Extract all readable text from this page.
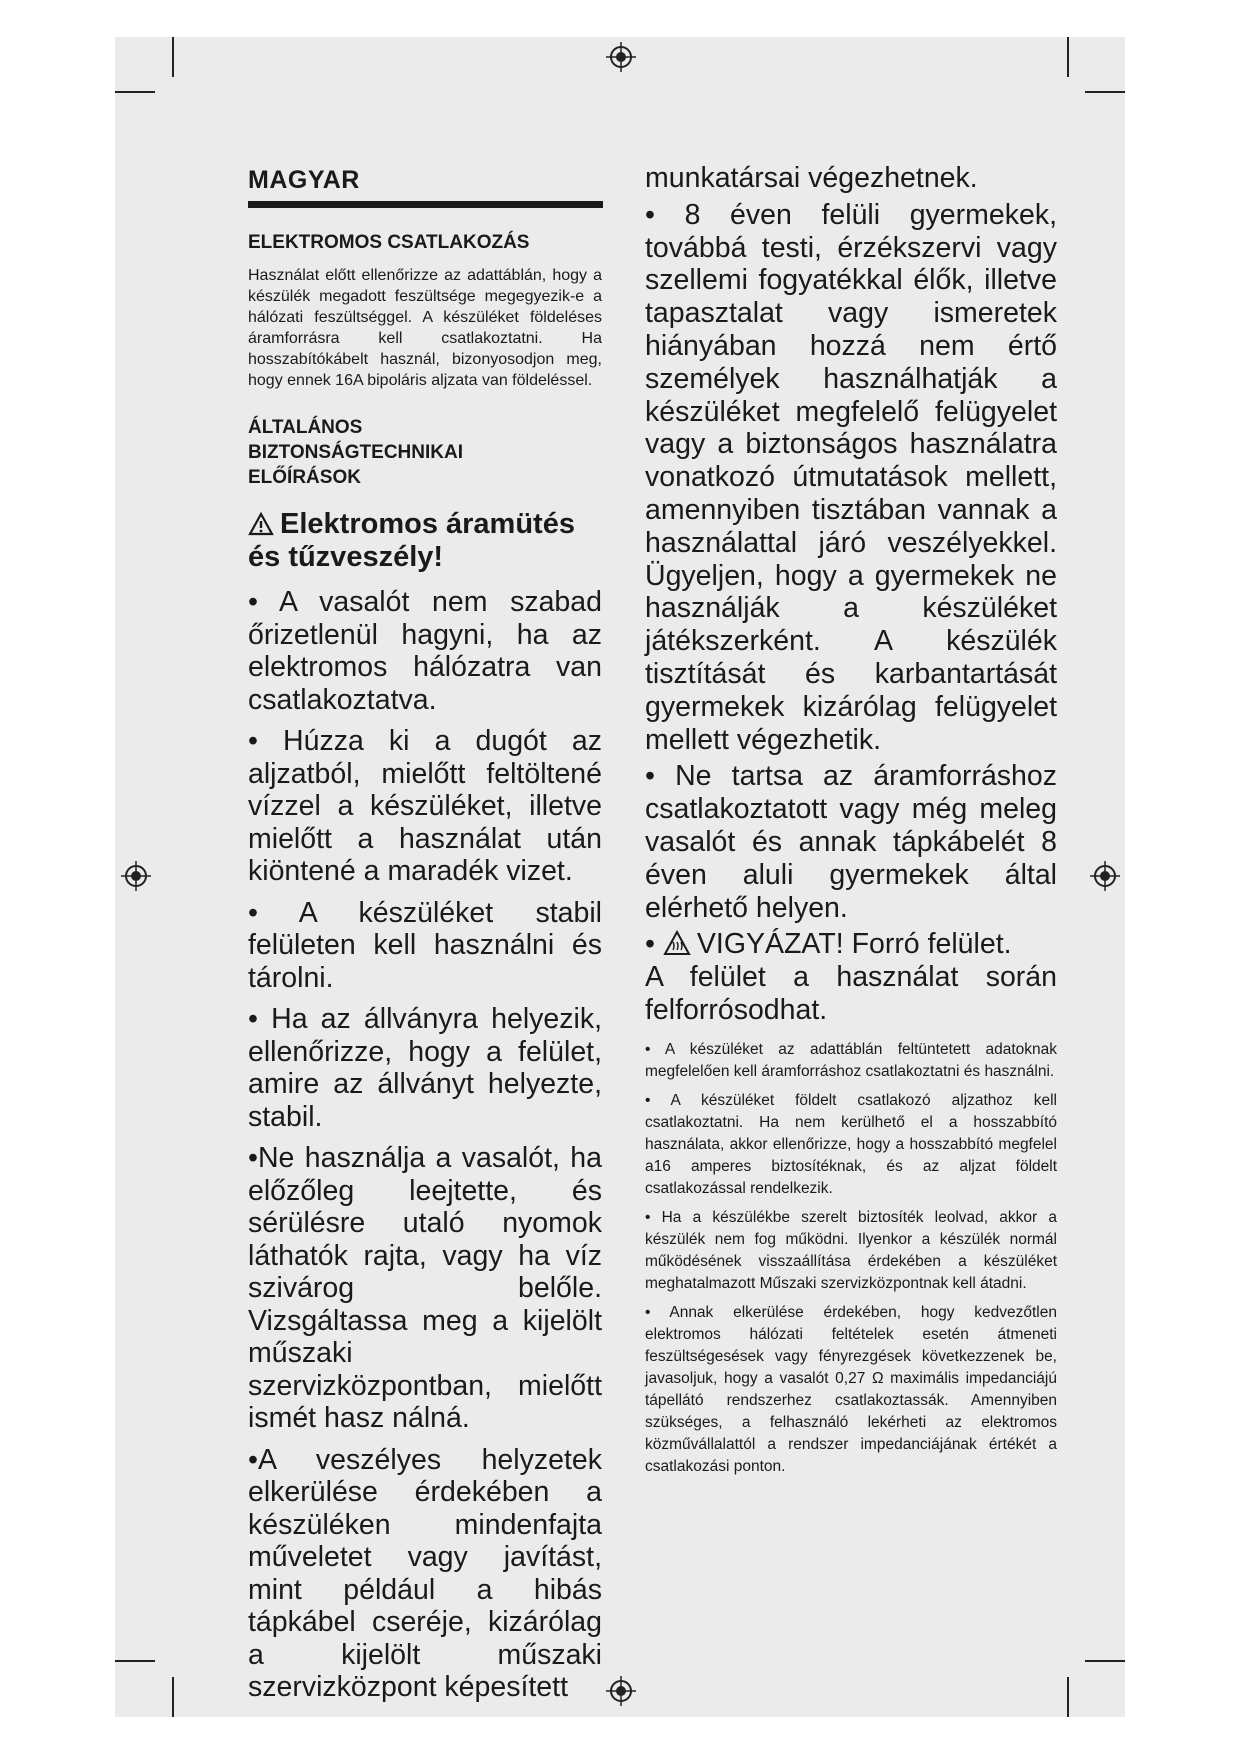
MAGYAR
ELEKTROMOS CSATLAKOZÁS
Használat előtt ellenőrizze az adattáblán, hogy a készülék megadott feszültsége megegyezik-e a hálózati feszültséggel. A készüléket földeléses áramforrásra kell csatlakoztatni. Ha hosszabítókábelt használ, bizonyosodjon meg, hogy ennek 16A bipoláris aljzata van földeléssel.
ÁLTALÁNOS
BIZTONSÁGTECHNIKAI
ELŐÍRÁSOK
Elektromos áramütés és tűzveszély!
• A vasalót nem szabad őrizetlenül hagyni, ha az elektromos hálózatra van csatlakoztatva.
• Húzza ki a dugót az aljzatból, mielőtt feltöltené vízzel a készüléket, illetve mielőtt a használat után kiöntené a maradék vizet.
• A készüléket stabil felületen kell használni és tárolni.
• Ha az állványra helyezik, ellenőrizze, hogy a felület, amire az állványt helyezte, stabil.
•Ne használja a vasalót, ha előzőleg leejtette, és sérülésre utaló nyomok láthatók rajta, vagy ha víz szivárog belőle. Vizsgáltassa meg a kijelölt műszaki szervizközpontban, mielőtt ismét hasz nálná.
•A veszélyes helyzetek elkerülése érdekében a készüléken mindenfajta műveletet vagy javítást, mint például a hibás tápkábel cseréje, kizárólag a kijelölt műszaki szervizközpont képesített
munkatársai végezhetnek.
• 8 éven felüli gyermekek, továbbá testi, érzékszervi vagy szellemi fogyatékkal élők, illetve tapasztalat vagy ismeretek hiányában hozzá nem értő személyek használhatják a készüléket megfelelő felügyelet vagy a biztonságos használatra vonatkozó útmutatások mellett, amennyiben tisztában vannak a használattal járó veszélyekkel. Ügyeljen, hogy a gyermekek ne használják a készüléket játékszerként. A készülék tisztítását és karbantartását gyermekek kizárólag felügyelet mellett végezhetik.
• Ne tartsa az áramforráshoz csatlakoztatott vagy még meleg vasalót és annak tápkábelét 8 éven aluli gyermekek által elérhető helyen.
• VIGYÁZAT! Forró felület.
A felület a használat során felforrósodhat.
• A készüléket az adattáblán feltüntetett adatoknak megfelelően kell áramforráshoz csatlakoztatni és használni.
• A készüléket földelt csatlakozó aljzathoz kell csatlakoztatni. Ha nem kerülhető el a hosszabbító használata, akkor ellenőrizze, hogy a hosszabbító megfelel a16 amperes biztosítéknak, és az aljzat földelt csatlakozással rendelkezik.
• Ha a készülékbe szerelt biztosíték leolvad, akkor a készülék nem fog működni. Ilyenkor a készülék normál működésének visszaállítása érdekében a készüléket meghatalmazott Műszaki szervizközpontnak kell átadni.
• Annak elkerülése érdekében, hogy kedvezőtlen elektromos hálózati feltételek esetén átmeneti feszültségesések vagy fényrezgések következzenek be, javasoljuk, hogy a vasalót 0,27 Ω maximális impedanciájú tápellátó rendszerhez csatlakoztassák. Amennyiben szükséges, a felhasználó lekérheti az elektromos közművállalattól a rendszer impedanciájának értékét a csatlakozási ponton.
